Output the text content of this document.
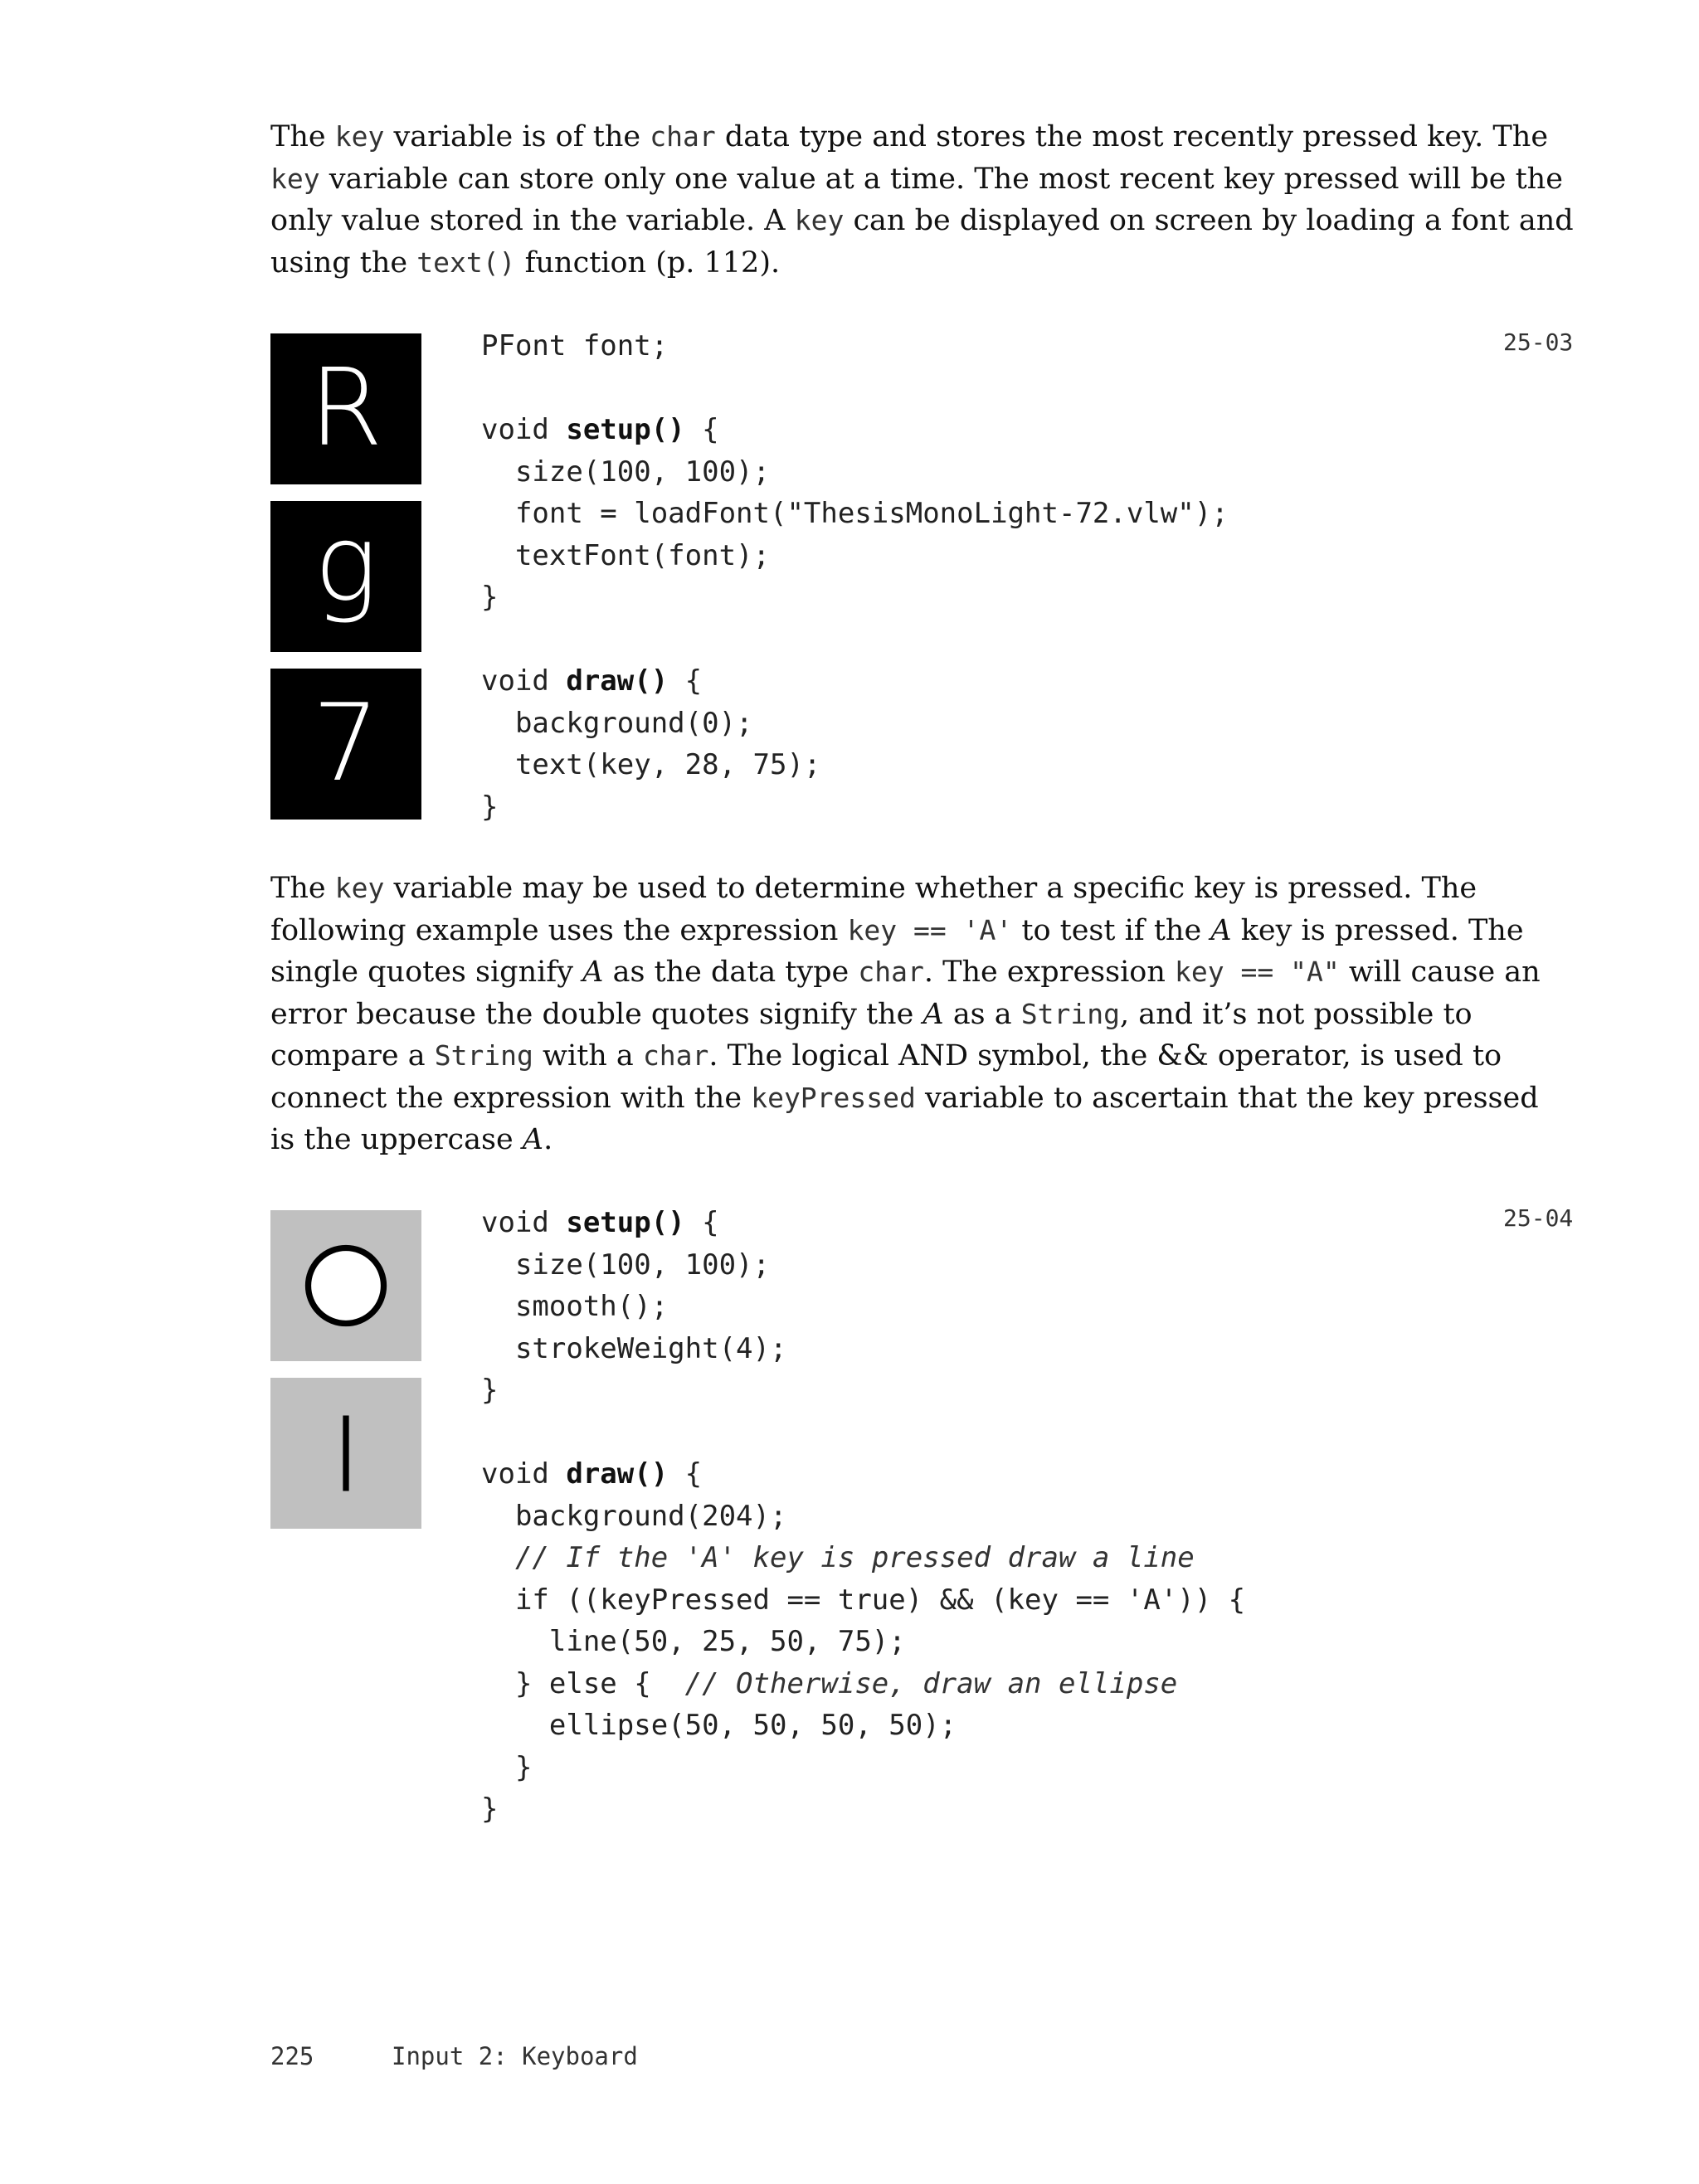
The key variable is of the char data type and stores the most recently pressed key. The
key variable can store only one value at a time. The most recent key pressed will be the
only value stored in the variable. A key can be displayed on screen by loading a font and
using the text() function (p. 112).
25-03
R
g
7
PFont font;
void setup() {
size(100, 100);
font = loadFont("ThesisMonoLight-72.vlw");
textFont(font);
}
void draw() {
background(0);
text(key, 28, 75);
}
The key variable may be used to determine whether a specific key is pressed. The
following example uses the expression key == 'A' to test if the A key is pressed. The
single quotes signify A as the data type char. The expression key == "A" will cause an
error because the double quotes signify the A as a String, and it’s not possible to
compare a String with a char. The logical AND symbol, the && operator, is used to
connect the expression with the keyPressed variable to ascertain that the key pressed
is the uppercase A.
25-04
void setup() {
size(100, 100);
smooth();
strokeWeight(4);
}
void draw() {
background(204);
// If the 'A' key is pressed draw a line
if ((keyPressed == true) && (key == 'A')) {
line(50, 25, 50, 75);
} else {  // Otherwise, draw an ellipse
ellipse(50, 50, 50, 50);
}
}
225	Input 2: Keyboard
